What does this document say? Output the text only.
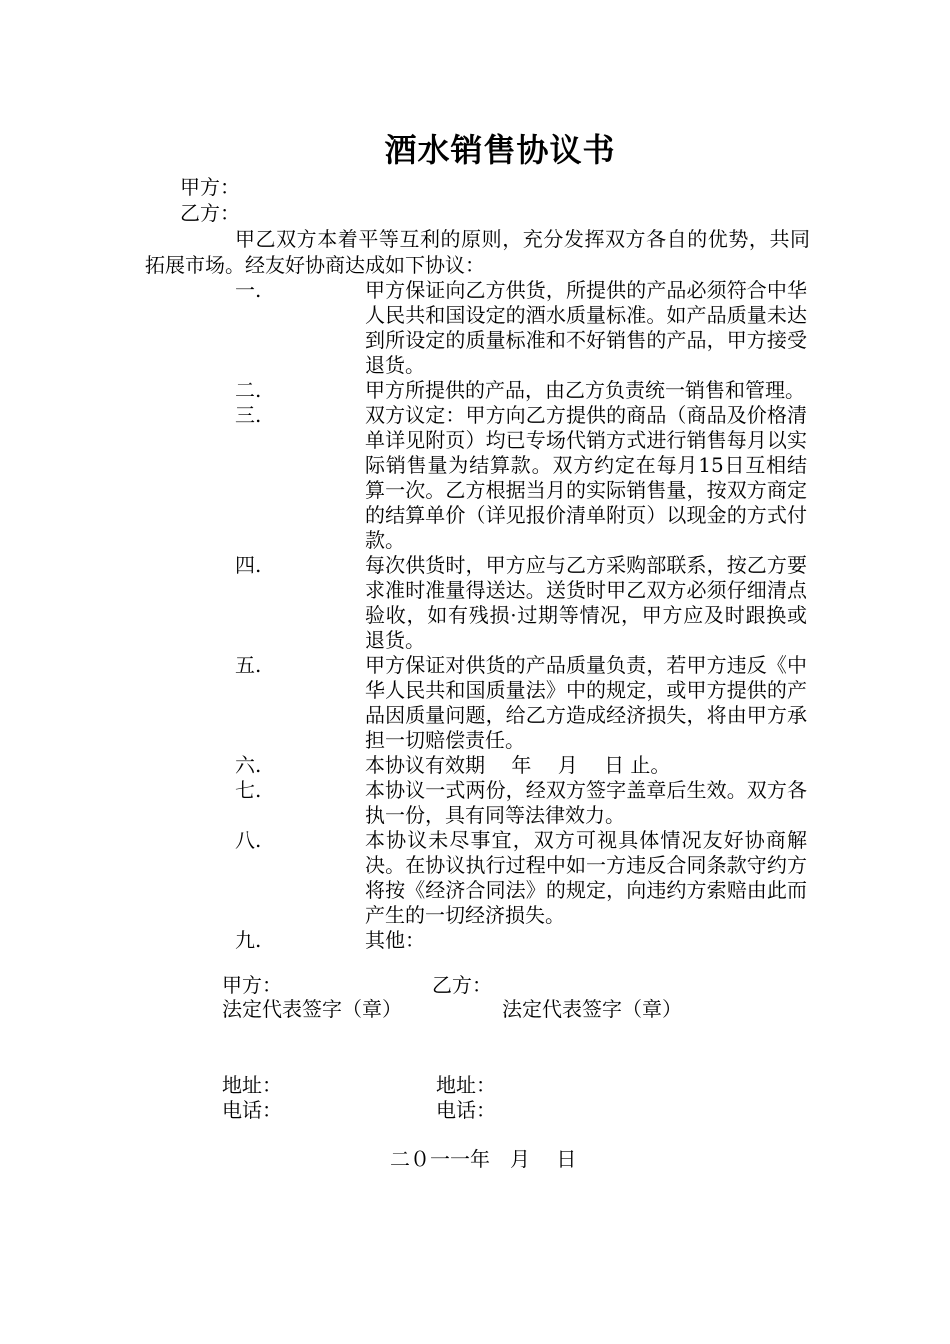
酒水销售协议书
甲方：
乙方：
甲乙双方本着平等互利的原则，充分发挥双方各自的优势，共同拓展市场。经友好协商达成如下协议：
一.	甲方保证向乙方供货，所提供的产品必须符合中华人民共和国设定的酒水质量标准。如产品质量未达到所设定的质量标准和不好销售的产品，甲方接受退货。
二.	甲方所提供的产品，由乙方负责统一销售和管理。
三.	双方议定：甲方向乙方提供的商品（商品及价格清单详见附页）均已专场代销方式进行销售每月以实际销售量为结算款。双方约定在每月15日互相结算一次。乙方根据当月的实际销售量，按双方商定的结算单价（详见报价清单附页）以现金的方式付款。
四.	每次供货时，甲方应与乙方采购部联系，按乙方要求准时准量得送达。送货时甲乙双方必须仔细清点验收，如有残损·过期等情况，甲方应及时跟换或退货。
五.	甲方保证对供货的产品质量负责，若甲方违反《中华人民共和国质量法》中的规定，或甲方提供的产品因质量问题，给乙方造成经济损失，将由甲方承担一切赔偿责任。
六.	本协议有效期　 年 　月 　日 止。
七.	本协议一式两份，经双方签字盖章后生效。双方各执一份，具有同等法律效力。
八.	本协议未尽事宜，双方可视具体情况友好协商解决。在协议执行过程中如一方违反合同条款守约方将按《经济合同法》的规定，向违约方索赔由此而产生的一切经济损失。
九.	其他：
甲方：	乙方：
法定代表签字（章）	法定代表签字（章）
地址：	地址：
电话：	电话：
二０一一年　月　 日
